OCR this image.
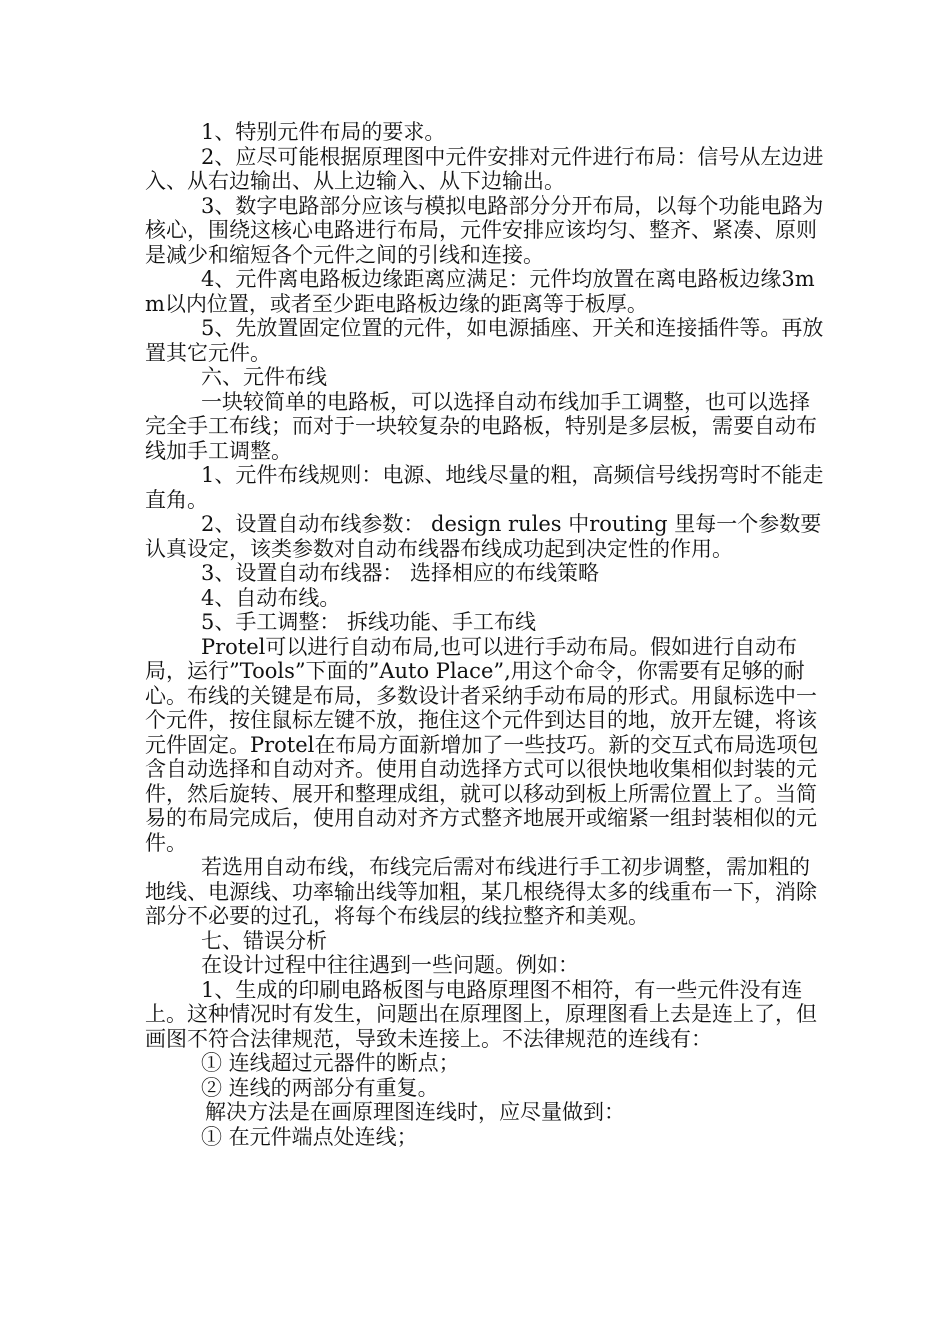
1、特别元件布局的要求。

2、应尽可能根据原理图中元件安排对元件进行布局：信号从左边进入、从右边输出、从上边输入、从下边输出。

3、数字电路部分应该与模拟电路部分分开布局，以每个功能电路为核心，围绕这核心电路进行布局，元件安排应该均匀、整齐、紧凑、原则是减少和缩短各个元件之间的引线和连接。

4、元件离电路板边缘距离应满足：元件均放置在离电路板边缘3mm以内位置，或者至少距电路板边缘的距离等于板厚。

5、先放置固定位置的元件，如电源插座、开关和连接插件等。再放置其它元件。

六、元件布线

一块较简单的电路板，可以选择自动布线加手工调整，也可以选择完全手工布线；而对于一块较复杂的电路板，特别是多层板，需要自动布线加手工调整。

1、元件布线规则：电源、地线尽量的粗，高频信号线拐弯时不能走直角。

2、设置自动布线参数： design rules 中routing 里每一个参数要认真设定，该类参数对自动布线器布线成功起到决定性的作用。

3、设置自动布线器： 选择相应的布线策略

4、自动布线。

5、手工调整： 拆线功能、手工布线

Protel可以进行自动布局,也可以进行手动布局。假如进行自动布局，运行”Tools”下面的”Auto Place”,用这个命令，你需要有足够的耐心。布线的关键是布局，多数设计者采纳手动布局的形式。用鼠标选中一个元件，按住鼠标左键不放，拖住这个元件到达目的地，放开左键，将该元件固定。Protel在布局方面新增加了一些技巧。新的交互式布局选项包含自动选择和自动对齐。使用自动选择方式可以很快地收集相似封装的元件，然后旋转、展开和整理成组，就可以移动到板上所需位置上了。当简易的布局完成后，使用自动对齐方式整齐地展开或缩紧一组封装相似的元件。

若选用自动布线，布线完后需对布线进行手工初步调整，需加粗的地线、电源线、功率输出线等加粗，某几根绕得太多的线重布一下，消除部分不必要的过孔，将每个布线层的线拉整齐和美观。

七、错误分析

在设计过程中往往遇到一些问题。例如：

1、生成的印刷电路板图与电路原理图不相符，有一些元件没有连上。这种情况时有发生，问题出在原理图上，原理图看上去是连上了，但画图不符合法律规范，导致未连接上。不法律规范的连线有：

① 连线超过元器件的断点；

② 连线的两部分有重复。

解决方法是在画原理图连线时，应尽量做到：

① 在元件端点处连线；
